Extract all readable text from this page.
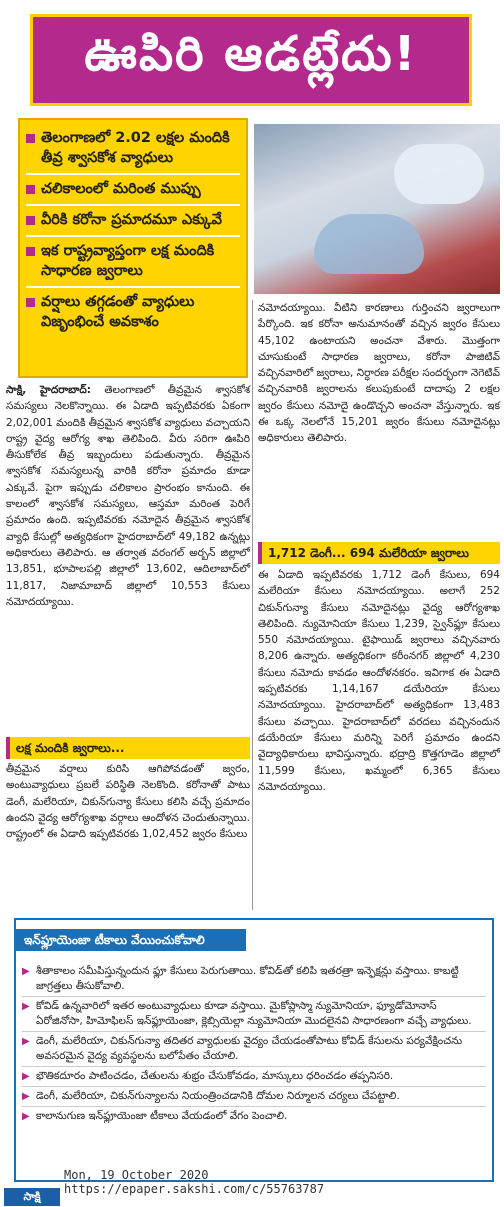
ఊపిరి ఆడట్లేదు!
తెలంగాణలో 2.02 లక్షల మందికి తీవ్ర శ్వాసకోశ వ్యాధులు
చలికాలంలో మరింత ముప్పు
వీరికి కరోనా ప్రమాదమూ ఎక్కువే
ఇక రాష్ట్రవ్యాప్తంగా లక్ష మందికి సాధారణ జ్వరాలు
వర్షాలు తగ్గడంతో వ్యాధులు విజృంభించే అవకాశం
సాక్షి, హైదరాబాద్: తెలంగాణలో తీవ్రమైన శ్వాసకోశ సమస్యలు నెలకొన్నాయి. ఈ ఏడాది ఇప్పటివరకు ఏకంగా 2,02,001 మందికి తీవ్రమైన శ్వాసకోశ వ్యాధులు వచ్చాయని రాష్ట్ర వైద్య ఆరోగ్య శాఖ తెలిపింది. వీరు సరిగా ఊపిరి తీసుకోలేక తీవ్ర ఇబ్బందులు పడుతున్నారు. తీవ్రమైన శ్వాసకోశ సమస్యలున్న వారికి కరోనా ప్రమాదం కూడా ఎక్కువే. పైగా ఇప్పుడు చలికాలం ప్రారంభం కానుంది. ఈ కాలంలో శ్వాసకోశ సమస్యలు, ఆస్తమా మరింత పెరిగే ప్రమాదం ఉంది. ఇప్పటివరకు నమోదైన తీవ్రమైన శ్వాసకోశ వ్యాధి కేసుల్లో అత్యధికంగా హైదరాబాద్‌లో 49,182 ఉన్నట్లు అధికారులు తెలిపారు. ఆ తర్వాత వరంగల్ అర్బన్ జిల్లాలో 13,851, భూపాలపల్లి జిల్లాలో 13,602, ఆదిలాబాద్‌లో 11,817, నిజామాబాద్ జిల్లాలో 10,553 కేసులు నమోదయ్యాయి.
లక్ష మందికి జ్వరాలు...
తీవ్రమైన వర్షాలు కురిసి ఆగిపోవడంతో జ్వరం, అంటువ్యాధులు ప్రబలే పరిస్థితి నెలకొంది. కరోనాతో పాటు డెంగీ, మలేరియా, చికున్‌గున్యా కేసులు కలిసి వచ్చే ప్రమాదం ఉందని వైద్య ఆరోగ్యశాఖ వర్గాలు ఆందోళన చెందుతున్నాయి. రాష్ట్రంలో ఈ ఏడాది ఇప్పటివరకు 1,02,452 జ్వరం కేసులు
నమోదయ్యాయి. వీటిని కారణాలు గుర్తించని జ్వరాలుగా పేర్కొంది. ఇక కరోనా అనుమానంతో వచ్చిన జ్వరం కేసులు 45,102 ఉంటాయని అంచనా వేశారు. మొత్తంగా చూసుకుంటే సాధారణ జ్వరాలు, కరోనా పాజిటివ్ వచ్చినవారిలో జ్వరాలు, నిర్ధారణ పరీక్షల సందర్భంగా నెగెటివ్ వచ్చినవారికి జ్వరాలను కలుపుకుంటే దాదాపు 2 లక్షల జ్వరం కేసులు నమోదై ఉండొచ్చని అంచనా వేస్తున్నారు. ఇక ఈ ఒక్క నెలలోనే 15,201 జ్వరం కేసులు నమోదైనట్లు అధికారులు తెలిపారు.
1,712 డెంగీ... 694 మలేరియా జ్వరాలు
ఈ ఏడాది ఇప్పటివరకు 1,712 డెంగీ కేసులు, 694 మలేరియా కేసులు నమోదయ్యాయి. అలాగే 252 చికున్‌గున్యా కేసులు నమోదైనట్లు వైద్య ఆరోగ్యశాఖ తెలిపింది. న్యుమోనియా కేసులు 1,239, స్వైన్‌ఫ్లూ కేసులు 550 నమోదయ్యాయి. టైఫాయిడ్ జ్వరాలు వచ్చినవారు 8,206 ఉన్నారు. అత్యధికంగా కరీంనగర్ జిల్లాలో 4,230 కేసులు నమోదు కావడం ఆందోళనకరం. ఇవిగాక ఈ ఏడాది ఇప్పటివరకు 1,14,167 డయేరియా కేసులు నమోదయ్యాయి. హైదరాబాద్‌లో అత్యధికంగా 13,483 కేసులు వచ్చాయి. హైదరాబాద్‌లో వరదలు వచ్చినందున డయేరియా కేసులు మరిన్ని పెరిగే ప్రమాదం ఉందని వైద్యాధికారులు భావిస్తున్నారు. భద్రాద్రి కొత్తగూడెం జిల్లాలో 11,599 కేసులు, ఖమ్మంలో 6,365 కేసులు నమోదయ్యాయి.
ఇన్‌ఫ్లూయెంజా టీకాలు వేయించుకోవాలి
▶ శీతాకాలం సమీపిస్తున్నందున ఫ్లూ కేసులు పెరుగుతాయి. కోవిడ్‌తో కలిపి ఇతరత్రా ఇన్ఫెక్షన్లు వస్తాయి. కాబట్టి జాగ్రత్తలు తీసుకోవాలి.
▶ కోవిడ్ ఉన్నవారిలో ఇతర అంటువ్యాధులు కూడా వస్తాయి. మైకోప్లాస్మా న్యుమోనియా, ఫ్యూడోమోనాస్ ఏరోజినోసా, హిమోఫిలస్ ఇన్‌ఫ్లూయెంజా, క్లెబ్సియెల్లా న్యుమోనియా మొదలైనవి సాధారణంగా వచ్చే వ్యాధులు.
▶ డెంగీ, మలేరియా, చికున్‌గున్యా తదితర వ్యాధులకు వైద్యం చేయడంతోపాటు కోవిడ్ కేసులను పర్యవేక్షించను అవసరమైన వైద్య వ్యవస్థలను బలోపేతం చేయాలి.
▶ భౌతికదూరం పాటించడం, చేతులను శుభ్రం చేసుకోవడం, మాస్కులు ధరించడం తప్పనిసరి.
▶ డెంగీ, మలేరియా, చికున్‌గున్యాలను నియంత్రించడానికి దోమల నిర్మూలన చర్యలు చేపట్టాలి.
▶ కాలానుగుణ ఇన్‌ఫ్లూయెంజా టీకాలు వేయడంలో వేగం పెంచాలి.
సాక్షి
Mon, 19 October 2020
https://epaper.sakshi.com/c/55763787
